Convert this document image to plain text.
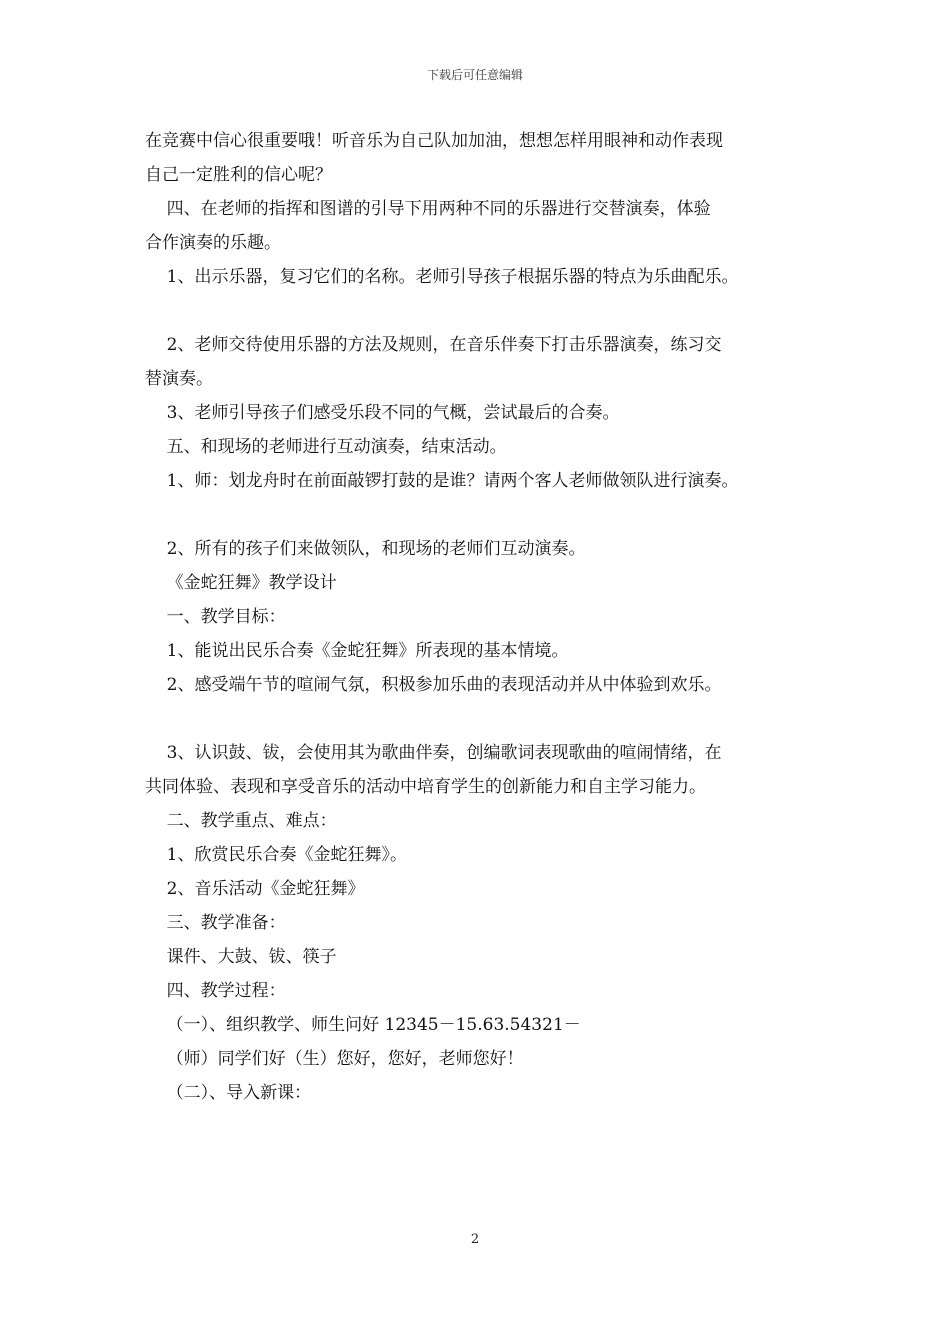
下载后可任意编辑

在竞赛中信心很重要哦！听音乐为自己队加加油，想想怎样用眼神和动作表现

自己一定胜利的信心呢？

四、在老师的指挥和图谱的引导下用两种不同的乐器进行交替演奏，体验

合作演奏的乐趣。

1、出示乐器，复习它们的名称。老师引导孩子根据乐器的特点为乐曲配乐。

2、老师交待使用乐器的方法及规则，在音乐伴奏下打击乐器演奏，练习交

替演奏。

3、老师引导孩子们感受乐段不同的气概，尝试最后的合奏。

五、和现场的老师进行互动演奏，结束活动。

1、师：划龙舟时在前面敲锣打鼓的是谁？请两个客人老师做领队进行演奏。

2、所有的孩子们来做领队，和现场的老师们互动演奏。

《金蛇狂舞》教学设计

一、教学目标：

1、能说出民乐合奏《金蛇狂舞》所表现的基本情境。

2、感受端午节的喧闹气氛，积极参加乐曲的表现活动并从中体验到欢乐。

3、认识鼓、钹，会使用其为歌曲伴奏，创编歌词表现歌曲的喧闹情绪，在

共同体验、表现和享受音乐的活动中培育学生的创新能力和自主学习能力。

二、教学重点、难点：

1、欣赏民乐合奏《金蛇狂舞》。

2、音乐活动《金蛇狂舞》

三、教学准备：

课件、大鼓、钹、筷子

四、教学过程：

（一）、组织教学、师生问好 12345－15.63.54321－

（师）同学们好（生）您好，您好，老师您好！

（二）、导入新课：

2
